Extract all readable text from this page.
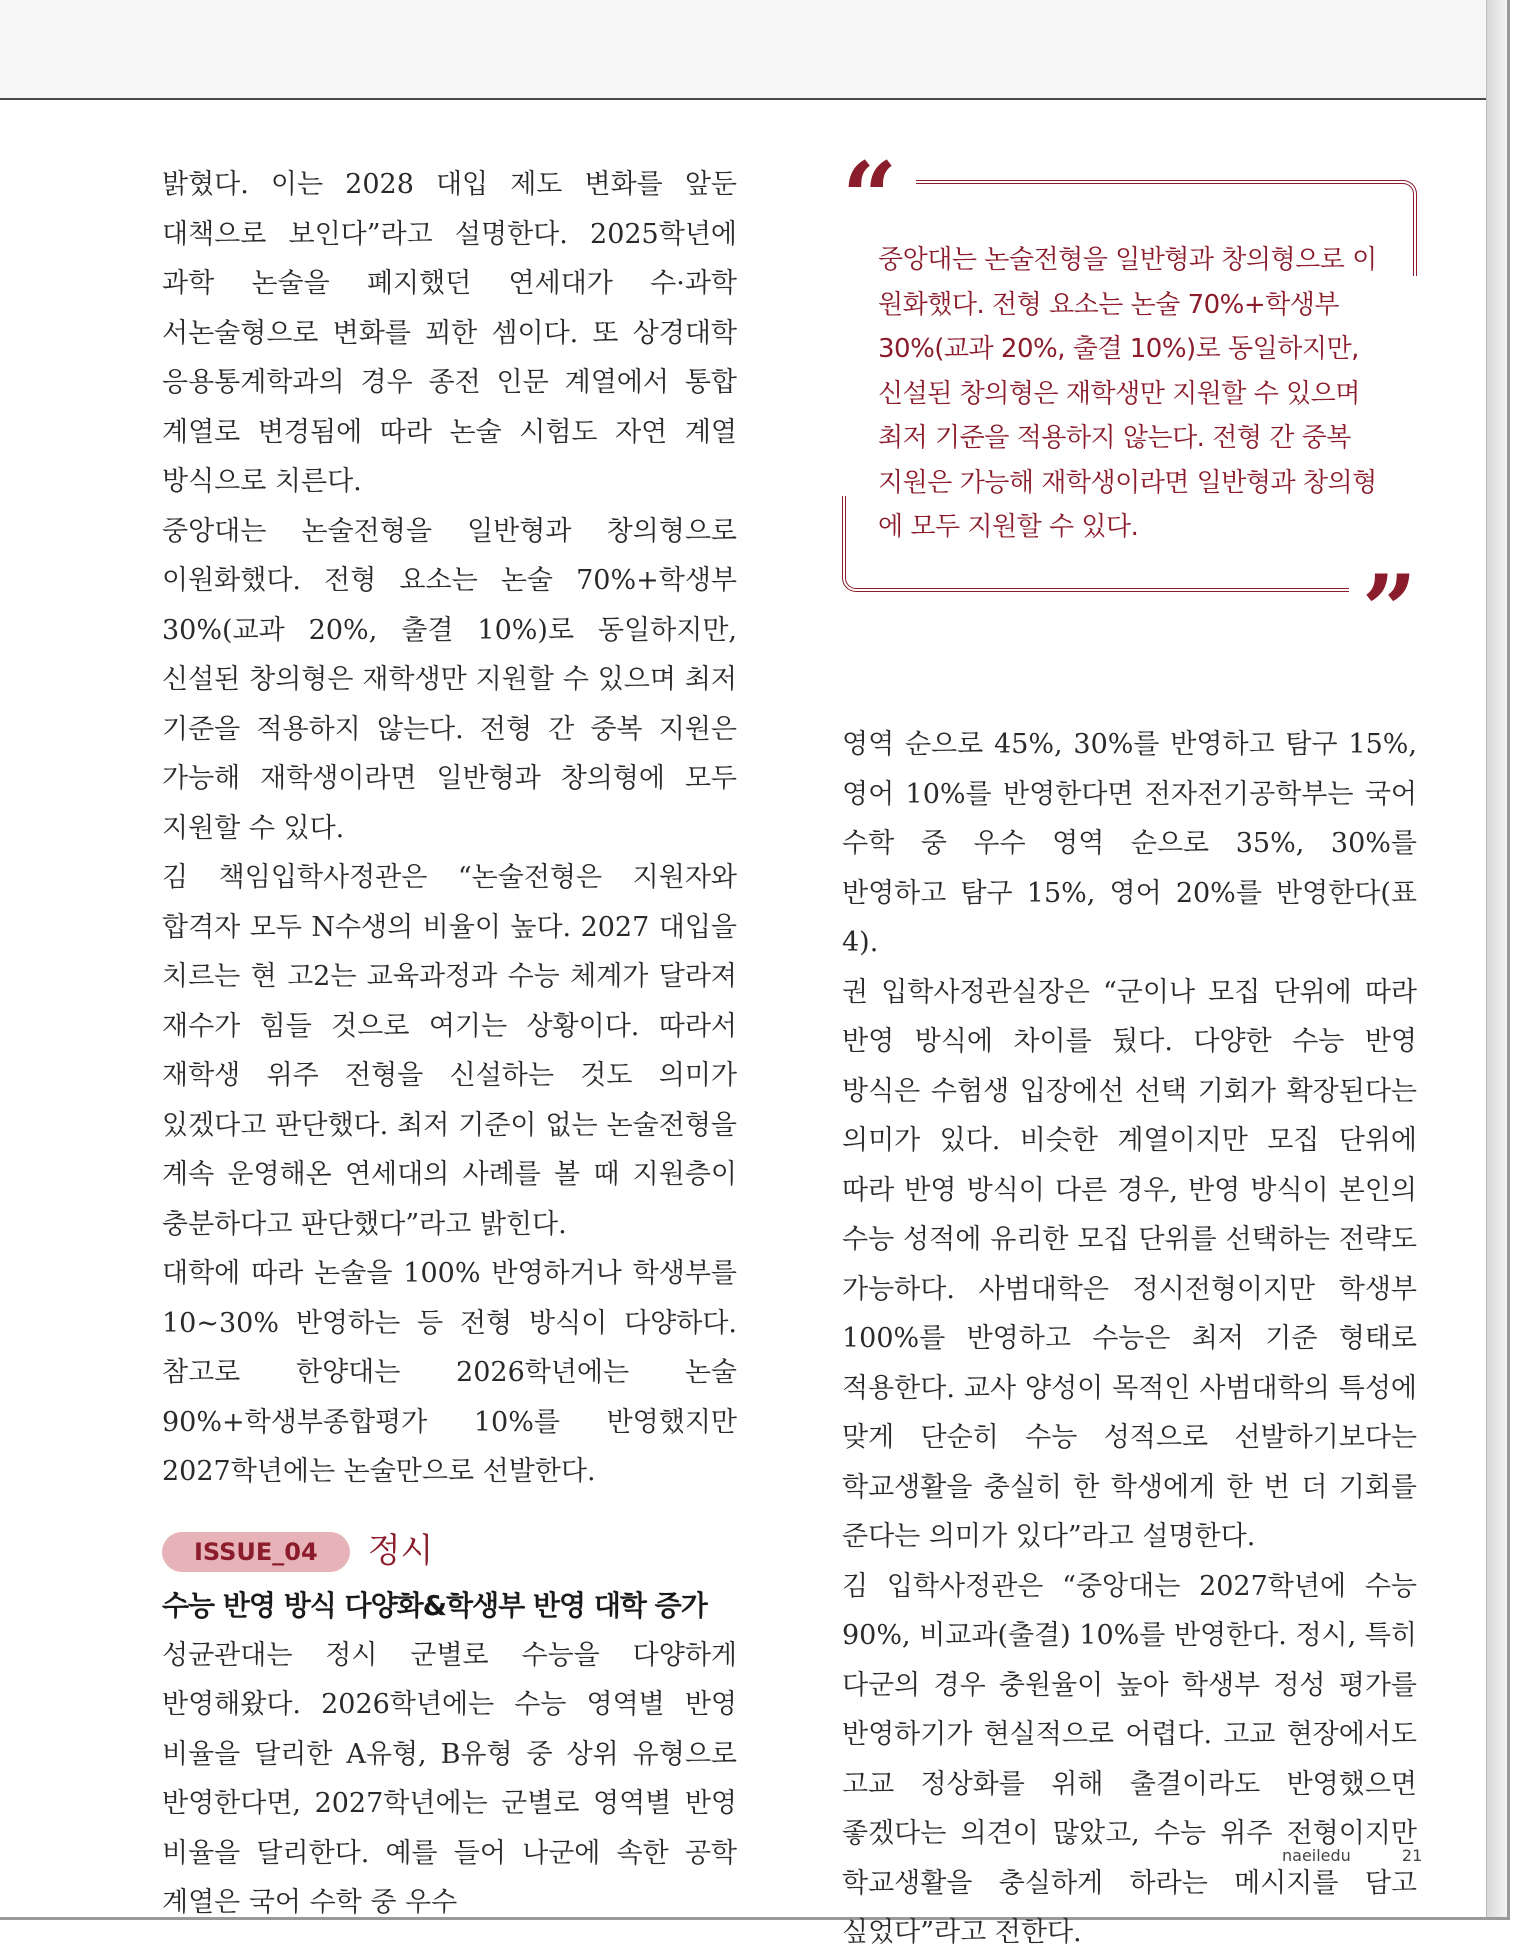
밝혔다. 이는 2028 대입 제도 변화를 앞둔 대책으로 보인다”라고 설명한다. 2025학년에 과학 논술을 폐지했던 연세대가 수·과학 서논술형으로 변화를 꾀한 셈이다. 또 상경대학 응용통계학과의 경우 종전 인문 계열에서 통합 계열로 변경됨에 따라 논술 시험도 자연 계열 방식으로 치른다.

중앙대는 논술전형을 일반형과 창의형으로 이원화했다. 전형 요소는 논술 70%+학생부 30%(교과 20%, 출결 10%)로 동일하지만, 신설된 창의형은 재학생만 지원할 수 있으며 최저 기준을 적용하지 않는다. 전형 간 중복 지원은 가능해 재학생이라면 일반형과 창의형에 모두 지원할 수 있다.

김 책임입학사정관은 “논술전형은 지원자와 합격자 모두 N수생의 비율이 높다. 2027 대입을 치르는 현 고2는 교육과정과 수능 체계가 달라져 재수가 힘들 것으로 여기는 상황이다. 따라서 재학생 위주 전형을 신설하는 것도 의미가 있겠다고 판단했다. 최저 기준이 없는 논술전형을 계속 운영해온 연세대의 사례를 볼 때 지원층이 충분하다고 판단했다”라고 밝힌다.

대학에 따라 논술을 100% 반영하거나 학생부를 10~30% 반영하는 등 전형 방식이 다양하다. 참고로 한양대는 2026학년에는 논술 90%+학생부종합평가 10%를 반영했지만 2027학년에는 논술만으로 선발한다.

ISSUE_04	정시
수능 반영 방식 다양화&학생부 반영 대학 증가

성균관대는 정시 군별로 수능을 다양하게 반영해왔다. 2026학년에는 수능 영역별 반영 비율을 달리한 A유형, B유형 중 상위 유형으로 반영한다면, 2027학년에는 군별로 영역별 반영 비율을 달리한다. 예를 들어 나군에 속한 공학 계열은 국어 수학 중 우수

“
중앙대는 논술전형을 일반형과 창의형으로 이원화했다. 전형 요소는 논술 70%+학생부 30%(교과 20%, 출결 10%)로 동일하지만, 신설된 창의형은 재학생만 지원할 수 있으며 최저 기준을 적용하지 않는다. 전형 간 중복 지원은 가능해 재학생이라면 일반형과 창의형에 모두 지원할 수 있다.
”

영역 순으로 45%, 30%를 반영하고 탐구 15%, 영어 10%를 반영한다면 전자전기공학부는 국어 수학 중 우수 영역 순으로 35%, 30%를 반영하고 탐구 15%, 영어 20%를 반영한다(표 4).

권 입학사정관실장은 “군이나 모집 단위에 따라 반영 방식에 차이를 뒀다. 다양한 수능 반영 방식은 수험생 입장에선 선택 기회가 확장된다는 의미가 있다. 비슷한 계열이지만 모집 단위에 따라 반영 방식이 다른 경우, 반영 방식이 본인의 수능 성적에 유리한 모집 단위를 선택하는 전략도 가능하다. 사범대학은 정시전형이지만 학생부 100%를 반영하고 수능은 최저 기준 형태로 적용한다. 교사 양성이 목적인 사범대학의 특성에 맞게 단순히 수능 성적으로 선발하기보다는 학교생활을 충실히 한 학생에게 한 번 더 기회를 준다는 의미가 있다”라고 설명한다.

김 입학사정관은 “중앙대는 2027학년에 수능 90%, 비교과(출결) 10%를 반영한다. 정시, 특히 다군의 경우 충원율이 높아 학생부 정성 평가를 반영하기가 현실적으로 어렵다. 고교 현장에서도 고교 정상화를 위해 출결이라도 반영했으면 좋겠다는 의견이 많았고, 수능 위주 전형이지만 학교생활을 충실하게 하라는 메시지를 담고 싶었다”라고 전한다.

naeiledu	21
